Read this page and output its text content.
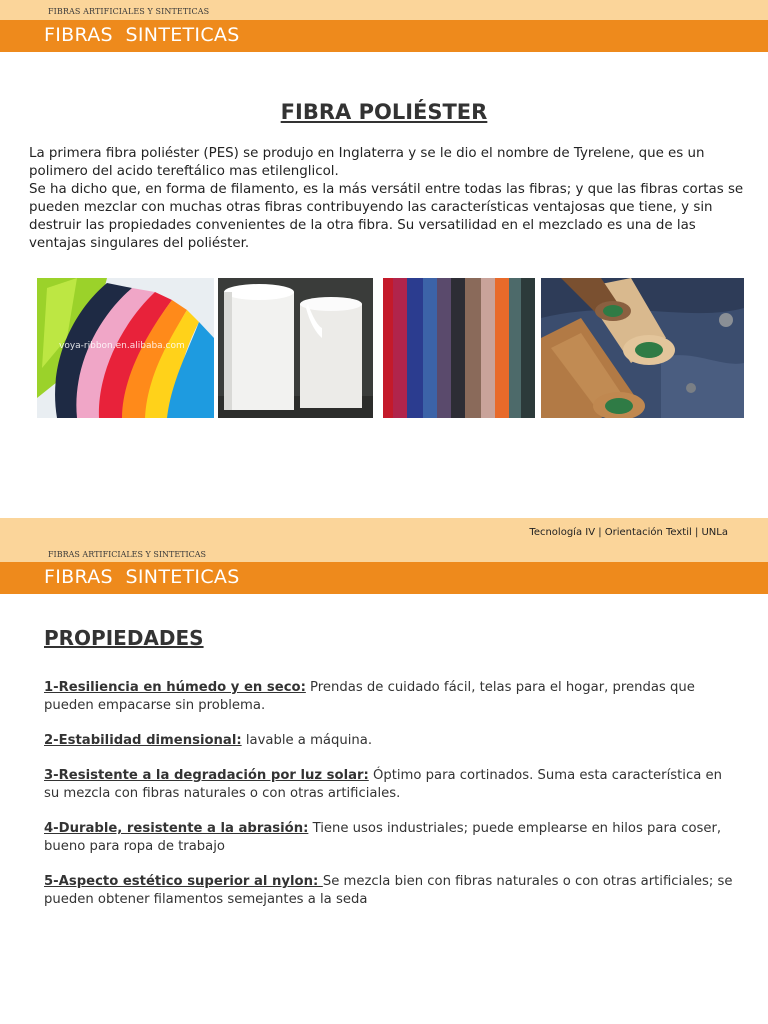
FIBRAS ARTIFICIALES Y SINTETICAS
FIBRAS  SINTETICAS
FIBRA POLIÉSTER

La primera fibra poliéster (PES) se produjo en Inglaterra y se le dio el nombre de Tyrelene, que es un polimero del acido tereftálico mas etilenglicol.

Se ha dicho que, en forma de filamento, es la más versátil entre todas las fibras; y que las fibras cortas se pueden mezclar con muchas otras fibras contribuyendo las características ventajosas que tiene, y sin destruir las propiedades convenientes de la otra fibra. Su versatilidad en el mezclado es una de las ventajas singulares del poliéster.

voya-ribbon.en.alibaba.com
Tecnología IV | Orientación Textil | UNLa
FIBRAS ARTIFICIALES Y SINTETICAS
FIBRAS  SINTETICAS
PROPIEDADES
1-Resiliencia en húmedo y en seco: Prendas de cuidado fácil, telas para el hogar, prendas que pueden empacarse sin problema.
2-Estabilidad dimensional: lavable a máquina.
3-Resistente a la degradación por luz solar: Óptimo para cortinados. Suma esta característica en su mezcla con fibras naturales o con otras artificiales.
4-Durable, resistente a la abrasión: Tiene usos industriales; puede emplearse en hilos para coser, bueno para ropa de trabajo
5-Aspecto estético superior al nylon: Se mezcla bien con fibras naturales o con otras artificiales; se pueden obtener filamentos semejantes a la seda
